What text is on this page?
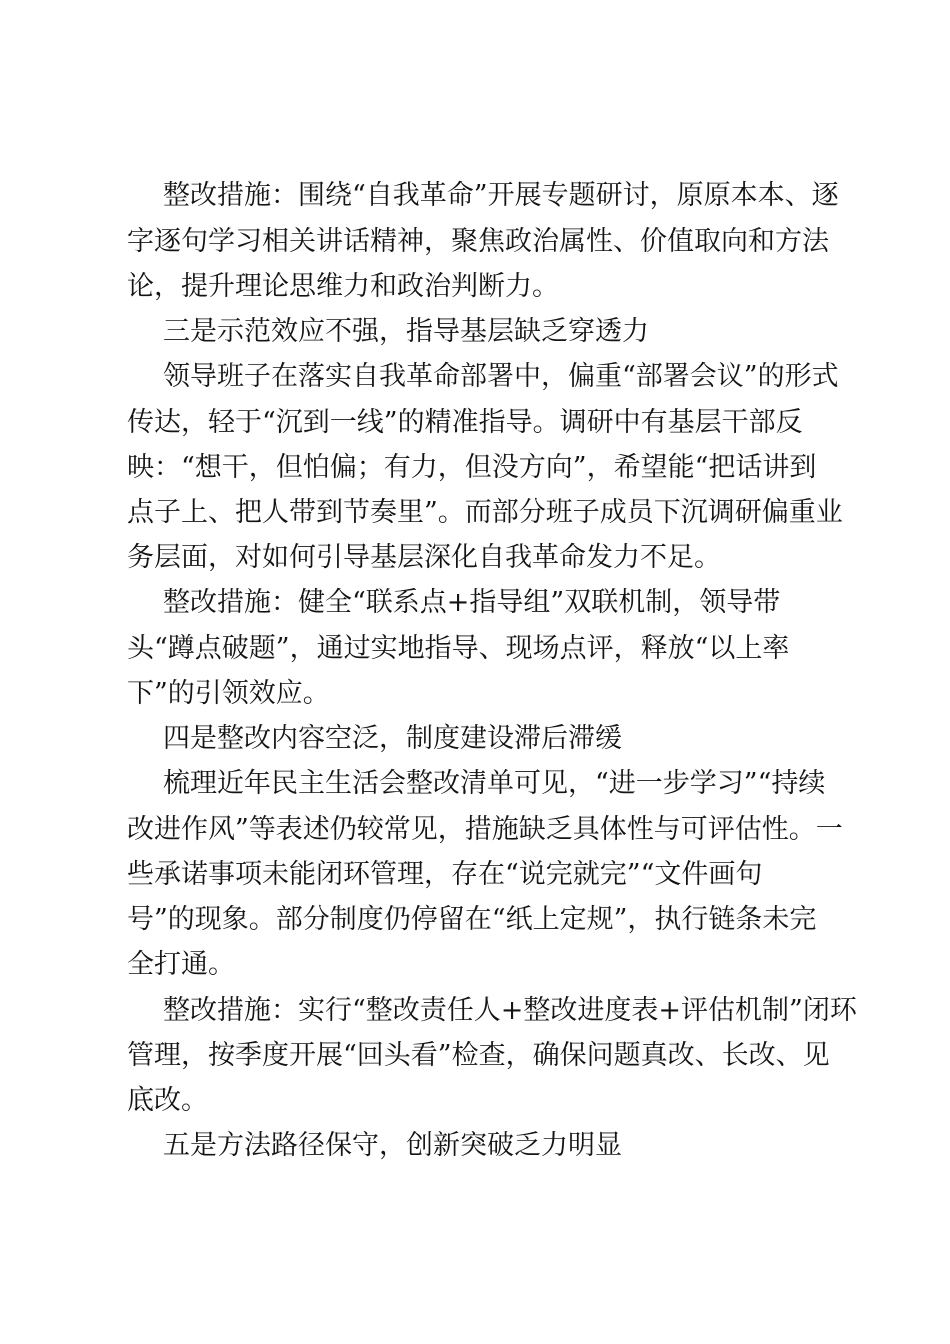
整改措施：围绕“自我革命”开展专题研讨，原原本本、逐

字逐句学习相关讲话精神，聚焦政治属性、价值取向和方法

论，提升理论思维力和政治判断力。

三是示范效应不强，指导基层缺乏穿透力

领导班子在落实自我革命部署中，偏重“部署会议”的形式

传达，轻于“沉到一线”的精准指导。调研中有基层干部反

映：“想干，但怕偏；有力，但没方向”，希望能“把话讲到

点子上、把人带到节奏里”。而部分班子成员下沉调研偏重业

务层面，对如何引导基层深化自我革命发力不足。

整改措施：健全“联系点+指导组”双联机制，领导带

头“蹲点破题”，通过实地指导、现场点评，释放“以上率

下”的引领效应。

四是整改内容空泛，制度建设滞后滞缓

梳理近年民主生活会整改清单可见，“进一步学习”“持续

改进作风”等表述仍较常见，措施缺乏具体性与可评估性。一

些承诺事项未能闭环管理，存在“说完就完”“文件画句

号”的现象。部分制度仍停留在“纸上定规”，执行链条未完

全打通。

整改措施：实行“整改责任人+整改进度表+评估机制”闭环

管理，按季度开展“回头看”检查，确保问题真改、长改、见

底改。

五是方法路径保守，创新突破乏力明显
